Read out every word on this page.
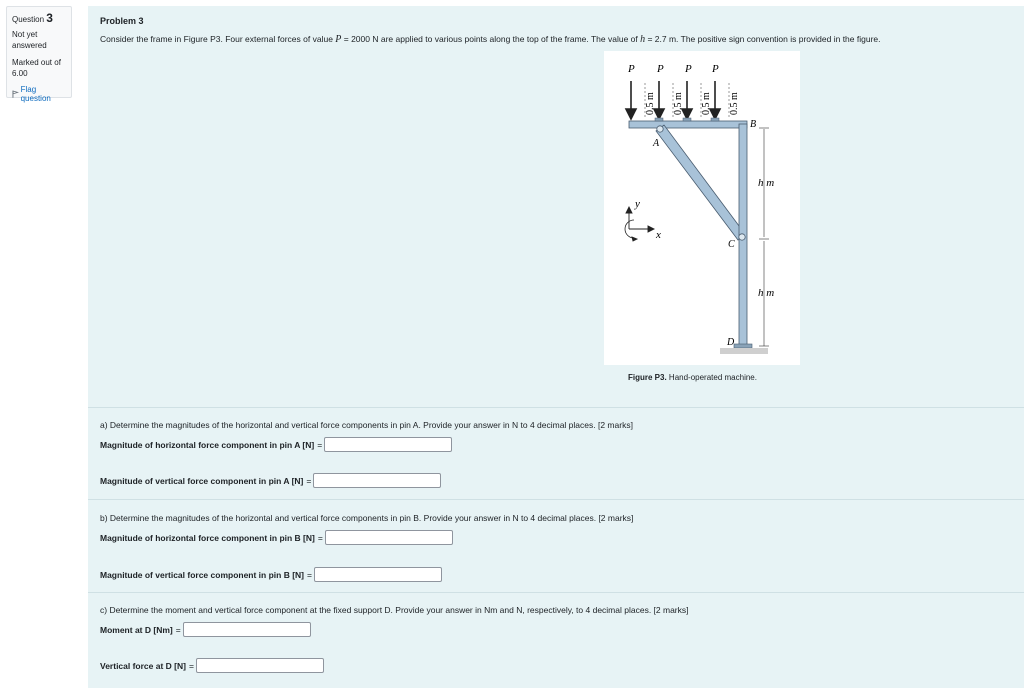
Question 3
Not yet answered
Marked out of 6.00
Flag question
Problem 3
Consider the frame in Figure P3. Four external forces of value P = 2000 N are applied to various points along the top of the frame. The value of h = 2.7 m. The positive sign convention is provided in the figure.
P P P P
0.5 m 0.5 m 0.5 m 0.5 m
A
B
C
D
h m
h m
y
x
Figure P3. Hand-operated machine.
a) Determine the magnitudes of the horizontal and vertical force components in pin A. Provide your answer in N to 4 decimal places. [2 marks]
Magnitude of horizontal force component in pin A [N] =
Magnitude of vertical force component in pin A [N] =
b) Determine the magnitudes of the horizontal and vertical force components in pin B. Provide your answer in N to 4 decimal places. [2 marks]
Magnitude of horizontal force component in pin B [N] =
Magnitude of vertical force component in pin B [N] =
c) Determine the moment and vertical force component at the fixed support D. Provide your answer in Nm and N, respectively, to 4 decimal places. [2 marks]
Moment at D [Nm] =
Vertical force at D [N] =
